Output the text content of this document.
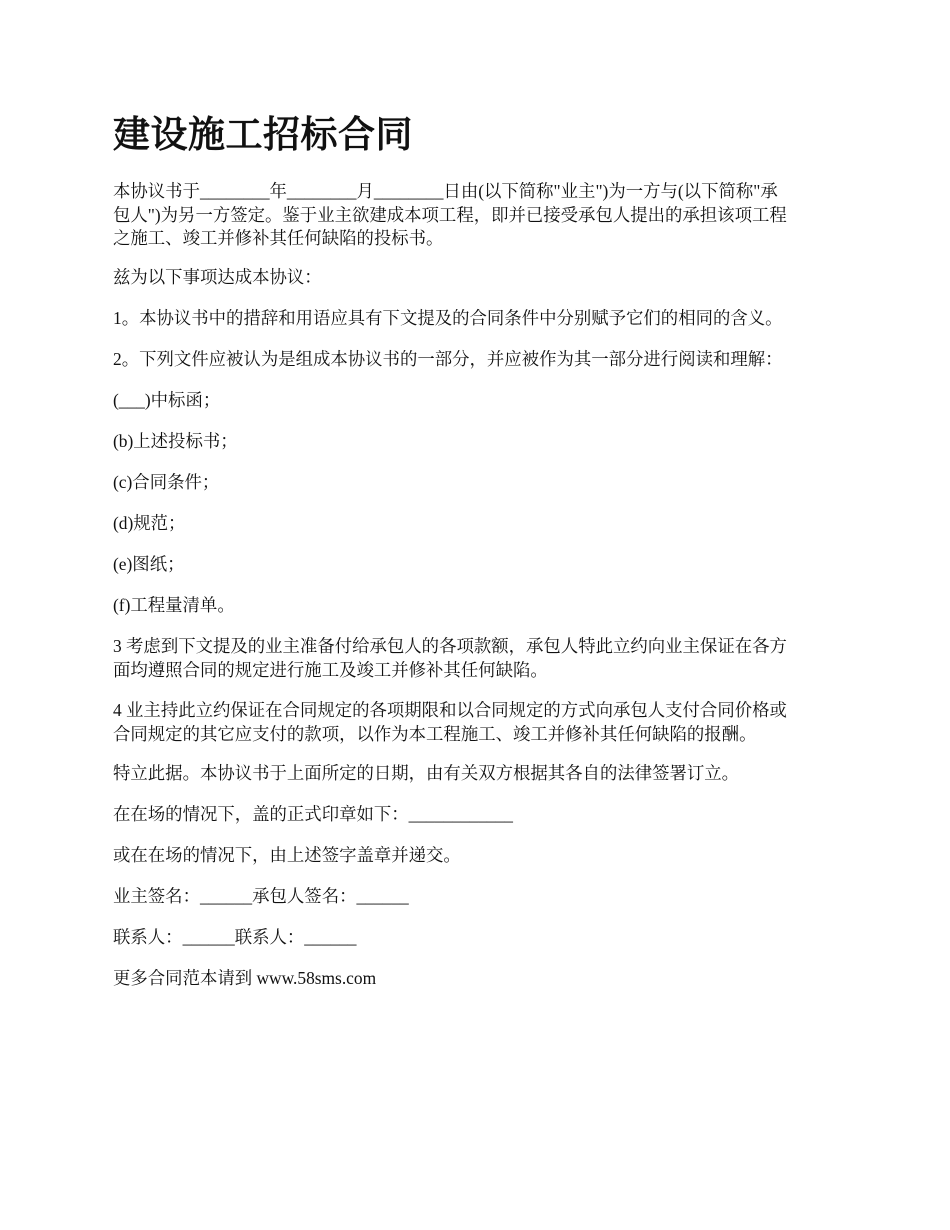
建设施工招标合同
本协议书于________年________月________日由(以下简称"业主")为一方与(以下简称"承
包人")为另一方签定。鉴于业主欲建成本项工程，即并已接受承包人提出的承担该项工程
之施工、竣工并修补其任何缺陷的投标书。

兹为以下事项达成本协议：

1。本协议书中的措辞和用语应具有下文提及的合同条件中分别赋予它们的相同的含义。

2。下列文件应被认为是组成本协议书的一部分，并应被作为其一部分进行阅读和理解：

(___)中标函；

(b)上述投标书；

(c)合同条件；

(d)规范；

(e)图纸；

(f)工程量清单。

3 考虑到下文提及的业主准备付给承包人的各项款额，承包人特此立约向业主保证在各方
面均遵照合同的规定进行施工及竣工并修补其任何缺陷。
4 业主持此立约保证在合同规定的各项期限和以合同规定的方式向承包人支付合同价格或
合同规定的其它应支付的款项，以作为本工程施工、竣工并修补其任何缺陷的报酬。

特立此据。本协议书于上面所定的日期，由有关双方根据其各自的法律签署订立。

在在场的情况下，盖的正式印章如下：____________

或在在场的情况下，由上述签字盖章并递交。

业主签名：______承包人签名：______

联系人：______联系人：______

更多合同范本请到 www.58sms.com
